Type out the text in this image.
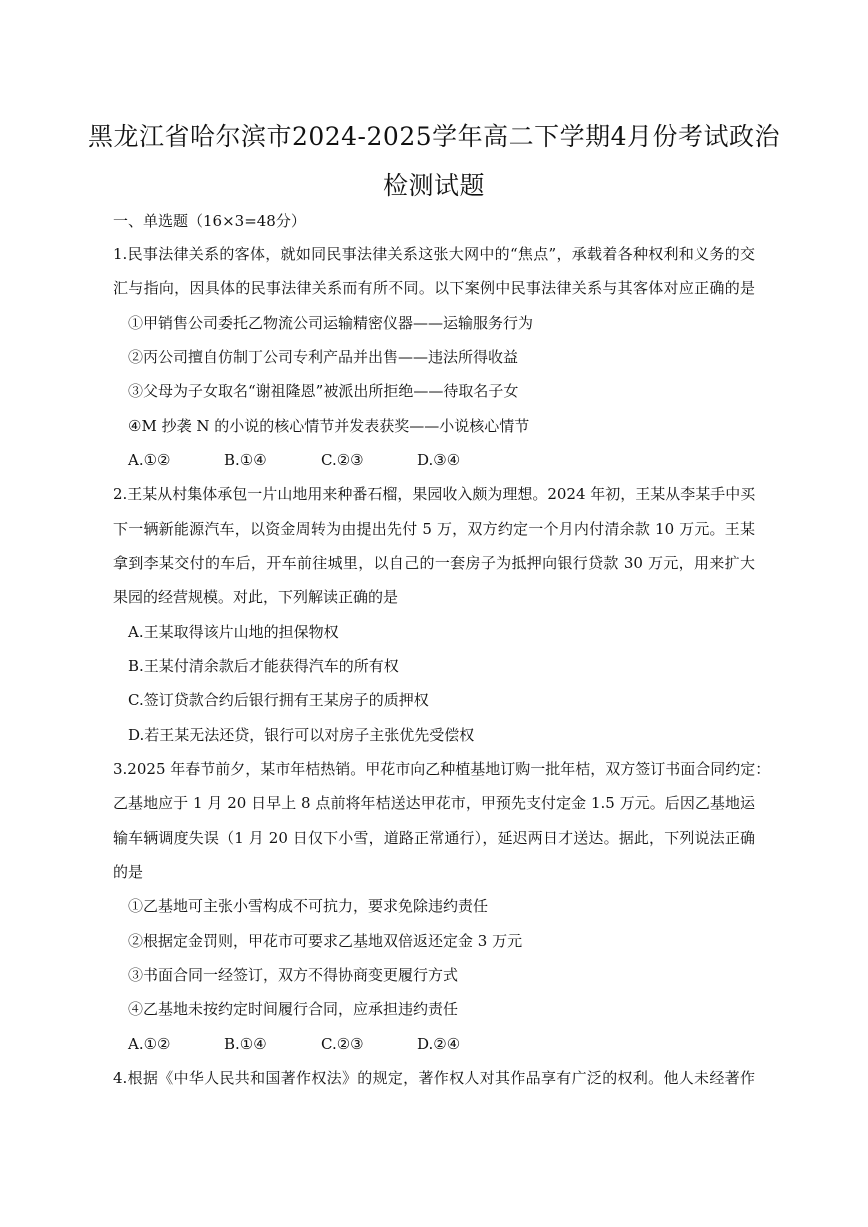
黑龙江省哈尔滨市2024-2025学年高二下学期4月份考试政治
检测试题
一、单选题（16×3=48分）
1.民事法律关系的客体，就如同民事法律关系这张大网中的“焦点”，承载着各种权利和义务的交
汇与指向，因具体的民事法律关系而有所不同。以下案例中民事法律关系与其客体对应正确的是
①甲销售公司委托乙物流公司运输精密仪器——运输服务行为
②丙公司擅自仿制丁公司专利产品并出售——违法所得收益
③父母为子女取名“谢祖隆恩”被派出所拒绝——待取名子女
④M 抄袭 N 的小说的核心情节并发表获奖——小说核心情节
A.①②	B.①④	C.②③	D.③④
2.王某从村集体承包一片山地用来种番石榴，果园收入颇为理想。2024 年初，王某从李某手中买
下一辆新能源汽车，以资金周转为由提出先付 5 万，双方约定一个月内付清余款 10 万元。王某
拿到李某交付的车后，开车前往城里，以自己的一套房子为抵押向银行贷款 30 万元，用来扩大
果园的经营规模。对此，下列解读正确的是
A.王某取得该片山地的担保物权
B.王某付清余款后才能获得汽车的所有权
C.签订贷款合约后银行拥有王某房子的质押权
D.若王某无法还贷，银行可以对房子主张优先受偿权
3.2025 年春节前夕，某市年桔热销。甲花市向乙种植基地订购一批年桔，双方签订书面合同约定：
乙基地应于 1 月 20 日早上 8 点前将年桔送达甲花市，甲预先支付定金 1.5 万元。后因乙基地运
输车辆调度失误（1 月 20 日仅下小雪，道路正常通行），延迟两日才送达。据此，下列说法正确
的是
①乙基地可主张小雪构成不可抗力，要求免除违约责任
②根据定金罚则，甲花市可要求乙基地双倍返还定金 3 万元
③书面合同一经签订，双方不得协商变更履行方式
④乙基地未按约定时间履行合同，应承担违约责任
A.①②	B.①④	C.②③	D.②④
4.根据《中华人民共和国著作权法》的规定，著作权人对其作品享有广泛的权利。他人未经著作
